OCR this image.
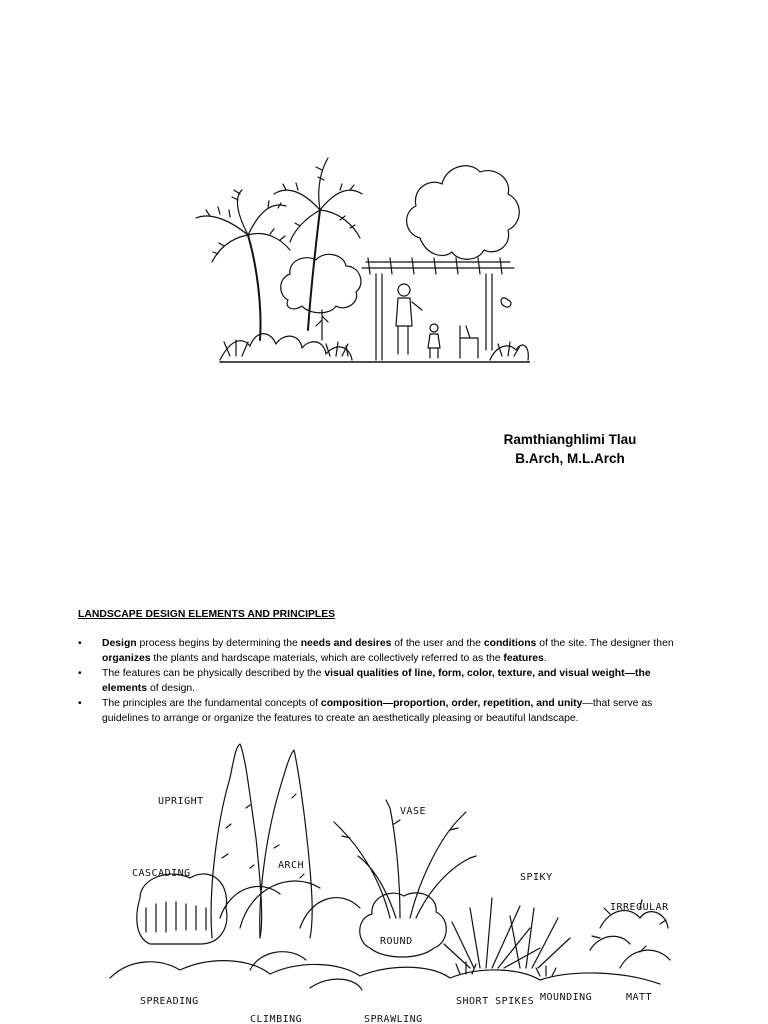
Ramthianghlimi Tlau
B.Arch, M.L.Arch
LANDSCAPE DESIGN ELEMENTS AND PRINCIPLES
• Design process begins by determining the needs and desires of the user and the conditions of the site. The designer then organizes the plants and hardscape materials, which are collectively referred to as the features.
• The features can be physically described by the visual qualities of line, form, color, texture, and visual weight—the elements of design.
• The principles are the fundamental concepts of composition—proportion, order, repetition, and unity—that serve as guidelines to arrange or organize the features to create an aesthetically pleasing or beautiful landscape.
UPRIGHT
VASE
CASCADING
ARCH
SPIKY
IRREGULAR
ROUND
SPREADING	SHORT SPIKES MOUNDING	MATT
CLIMBING	SPRAWLING
